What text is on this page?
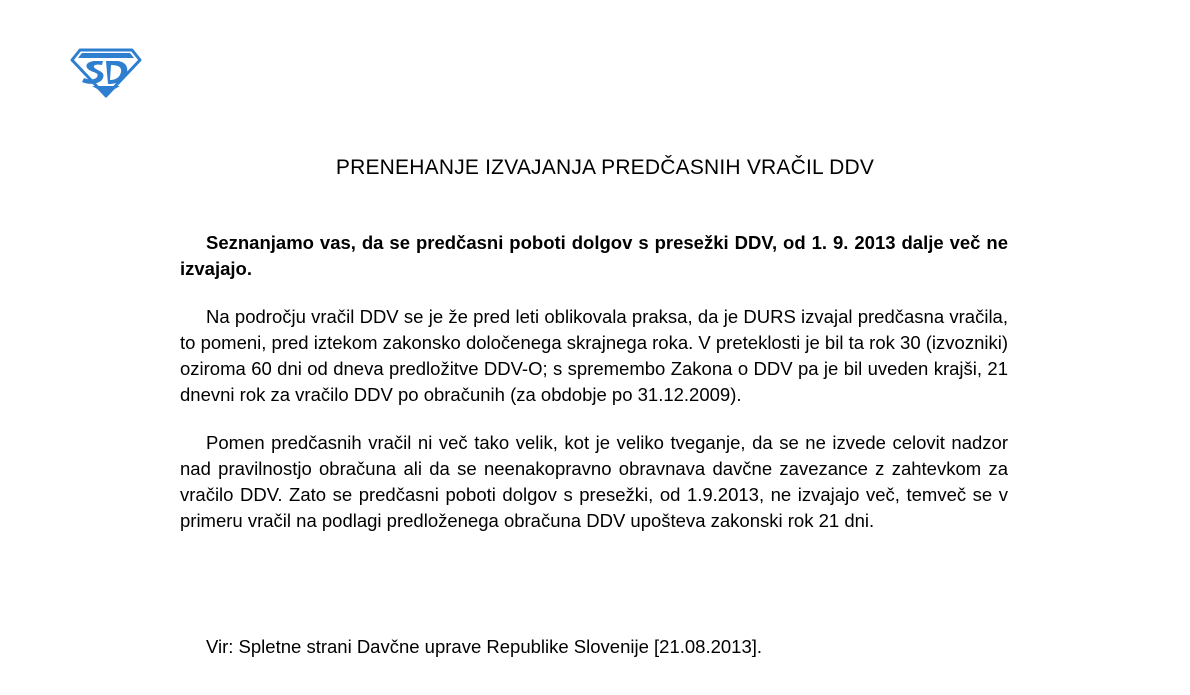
PRENEHANJE IZVAJANJA PREDČASNIH VRAČIL DDV

Seznanjamo vas, da se predčasni poboti dolgov s presežki DDV, od 1. 9. 2013 dalje več ne izvajajo.

Na področju vračil DDV se je že pred leti oblikovala praksa, da je DURS izvajal predčasna vračila, to pomeni, pred iztekom zakonsko določenega skrajnega roka. V preteklosti je bil ta rok 30 (izvozniki) oziroma 60 dni od dneva predložitve DDV-O; s spremembo Zakona o DDV pa je bil uveden krajši, 21 dnevni rok za vračilo DDV po obračunih (za obdobje po 31.12.2009).

Pomen predčasnih vračil ni več tako velik, kot je veliko tveganje, da se ne izvede celovit nadzor nad pravilnostjo obračuna ali da se neenakopravno obravnava davčne zavezance z zahtevkom za vračilo DDV. Zato se predčasni poboti dolgov s presežki, od 1.9.2013, ne izvajajo več, temveč se v primeru vračil na podlagi predloženega obračuna DDV upošteva zakonski rok 21 dni.

Vir: Spletne strani Davčne uprave Republike Slovenije [21.08.2013].
